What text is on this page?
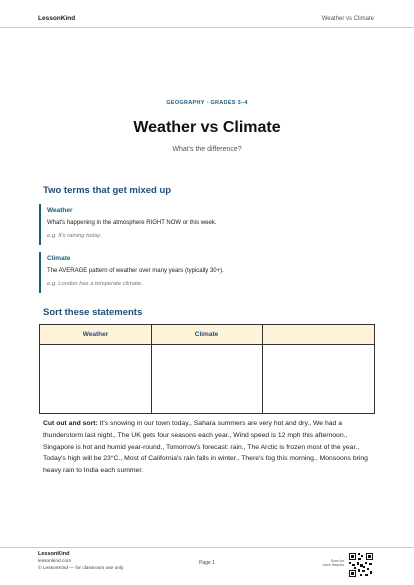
LessonKind	Weather vs Climate
GEOGRAPHY · GRADES 3–4
Weather vs Climate
What's the difference?
Two terms that get mixed up
Weather
What's happening in the atmosphere RIGHT NOW or this week.
e.g. It's raining today.
Climate
The AVERAGE pattern of weather over many years (typically 30+).
e.g. London has a temperate climate.
Sort these statements
Weather	Climate
Cut out and sort: It's snowing in our town today., Sahara summers are very hot and dry., We had a thunderstorm last night., The UK gets four seasons each year., Wind speed is 12 mph this afternoon., Singapore is hot and humid year-round., Tomorrow's forecast: rain., The Arctic is frozen most of the year., Today's high will be 23°C., Most of California's rain falls in winter., There's fog this morning., Monsoons bring heavy rain to India each summer.
LessonKind
lessonkind.com
© LessonKind — for classroom use only
Page 1	Scan for
more lessons
